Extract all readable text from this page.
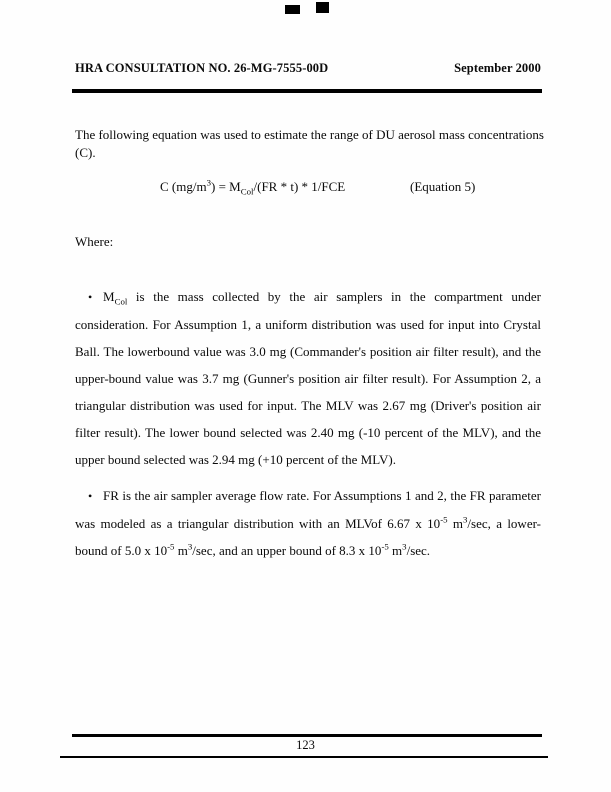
HRA CONSULTATION NO. 26-MG-7555-00D	September 2000

The following equation was used to estimate the range of DU aerosol mass concentrations (C).

C $(mg/m^3) = M_{Col}/(FR * t) * 1/FCE$	(Equation 5)

Where:

• $M_{Col}$ is the mass collected by the air samplers in the compartment under consideration. For Assumption 1, a uniform distribution was used for input into Crystal Ball. The lowerbound value was 3.0 mg (Commander's position air filter result), and the upper-bound value was 3.7 mg (Gunner's position air filter result). For Assumption 2, a triangular distribution was used for input. The MLV was 2.67 mg (Driver's position air filter result). The lower bound selected was 2.40 mg (-10 percent of the MLV), and the upper bound selected was 2.94 mg (+10 percent of the MLV).
• FR is the air sampler average flow rate. For Assumptions 1 and 2, the FR parameter was modeled as a triangular distribution with an MLVof 6.67 x $10^{-5}$ $m^3/\sec$, a lower-bound of 5.0 x $10^{-5}$ $m^3/\sec$, and an upper bound of 8.3 x $10^{-5}$ $m^3/\sec$.
123
